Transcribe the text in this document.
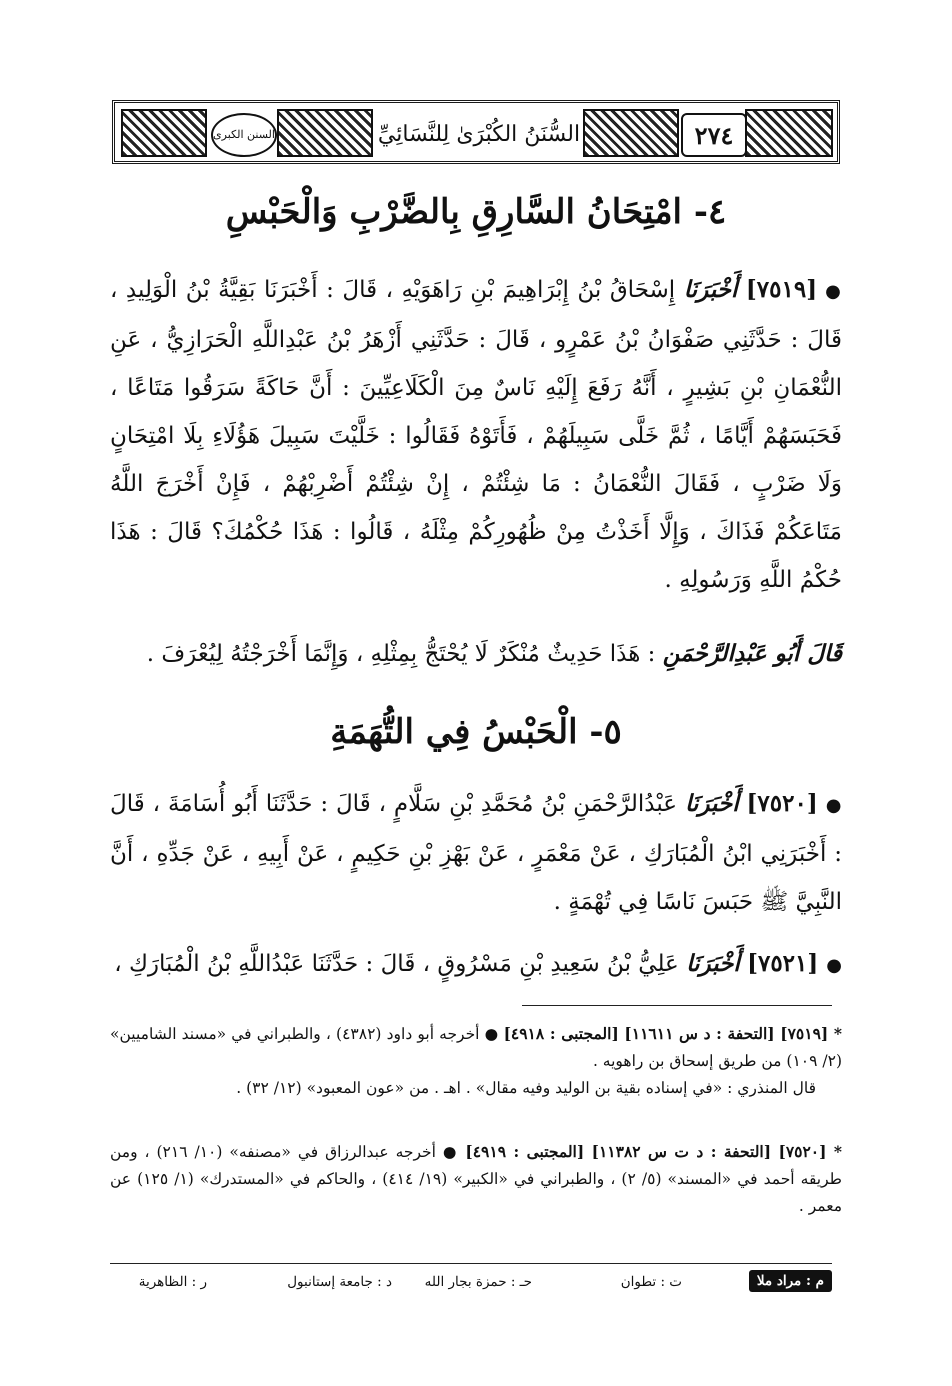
السنن الكبرى	السُّنَنُ الكُبْرَىٰ لِلنَّسَائِيِّ	٢٧٤
٤- امْتِحَانُ السَّارِقِ بِالضَّرْبِ وَالْحَبْسِ
●[٧٥١٩] أَخْبَرَنَا إِسْحَاقُ بْنُ إِبْرَاهِيمَ بْنِ رَاهَوَيْهِ ، قَالَ : أَخْبَرَنَا بَقِيَّةُ بْنُ الْوَلِيدِ ، قَالَ : حَدَّثَنِي صَفْوَانُ بْنُ عَمْرٍو ، قَالَ : حَدَّثَنِي أَزْهَرُ بْنُ عَبْدِاللَّهِ الْحَرَازِيُّ ، عَنِ النُّعْمَانِ بْنِ بَشِيرٍ ، أَنَّهُ رَفَعَ إِلَيْهِ نَاسٌ مِنَ الْكَلَاعِيِّينَ : أَنَّ حَاكَةً سَرَقُوا مَتَاعًا ، فَحَبَسَهُمْ أَيَّامًا ، ثُمَّ خَلَّى سَبِيلَهُمْ ، فَأَتَوْهُ فَقَالُوا : خَلَّيْتَ سَبِيلَ هَؤُلَاءِ بِلَا امْتِحَانٍ وَلَا ضَرْبٍ ، فَقَالَ النُّعْمَانُ : مَا شِئْتُمْ ، إِنْ شِئْتُمْ أَضْرِبْهُمْ ، فَإِنْ أَخْرَجَ اللَّهُ مَتَاعَكُمْ فَذَاكَ ، وَإِلَّا أَخَذْتُ مِنْ ظُهُورِكُمْ مِثْلَهُ ، قَالُوا : هَذَا حُكْمُكَ؟ قَالَ : هَذَا حُكْمُ اللَّهِ وَرَسُولِهِ .
قَالَ أَبُو عَبْدِالرَّحْمَنِ : هَذَا حَدِيثٌ مُنْكَرٌ لَا يُحْتَجُّ بِمِثْلِهِ ، وَإِنَّمَا أَخْرَجْتُهُ لِيُعْرَفَ .
٥- الْحَبْسُ فِي التُّهَمَةِ
●[٧٥٢٠] أَخْبَرَنَا عَبْدُالرَّحْمَنِ بْنُ مُحَمَّدِ بْنِ سَلَّامٍ ، قَالَ : حَدَّثَنَا أَبُو أُسَامَةَ ، قَالَ : أَخْبَرَنِي ابْنُ الْمُبَارَكِ ، عَنْ مَعْمَرٍ ، عَنْ بَهْزِ بْنِ حَكِيمٍ ، عَنْ أَبِيهِ ، عَنْ جَدِّهِ ، أَنَّ النَّبِيَّ ﷺ حَبَسَ نَاسًا فِي تُهْمَةٍ .
●[٧٥٢١] أَخْبَرَنَا عَلِيُّ بْنُ سَعِيدِ بْنِ مَسْرُوقٍ ، قَالَ : حَدَّثَنَا عَبْدُاللَّهِ بْنُ الْمُبَارَكِ ،
* [٧٥١٩] [التحفة : د س ١١٦١١] [المجتبى : ٤٩١٨] ● أخرجه أبو داود (٤٣٨٢) ، والطبراني في «مسند الشاميين» (٢/ ١٠٩) من طريق إسحاق بن راهويه .
قال المنذري : «في إسناده بقية بن الوليد وفيه مقال» . اهـ . من «عون المعبود» (١٢/ ٣٢) .
* [٧٥٢٠] [التحفة : د ت س ١١٣٨٢] [المجتبى : ٤٩١٩] ● أخرجه عبدالرزاق في «مصنفه» (١٠/ ٢١٦) ، ومن طريقه أحمد في «المسند» (٥/ ٢) ، والطبراني في «الكبير» (١٩/ ٤١٤) ، والحاكم في «المستدرك» (١/ ١٢٥) عن معمر .
م : مراد ملا
ت : تطوان
حـ : حمزة بجار الله
د : جامعة إستانبول
ر : الظاهرية
